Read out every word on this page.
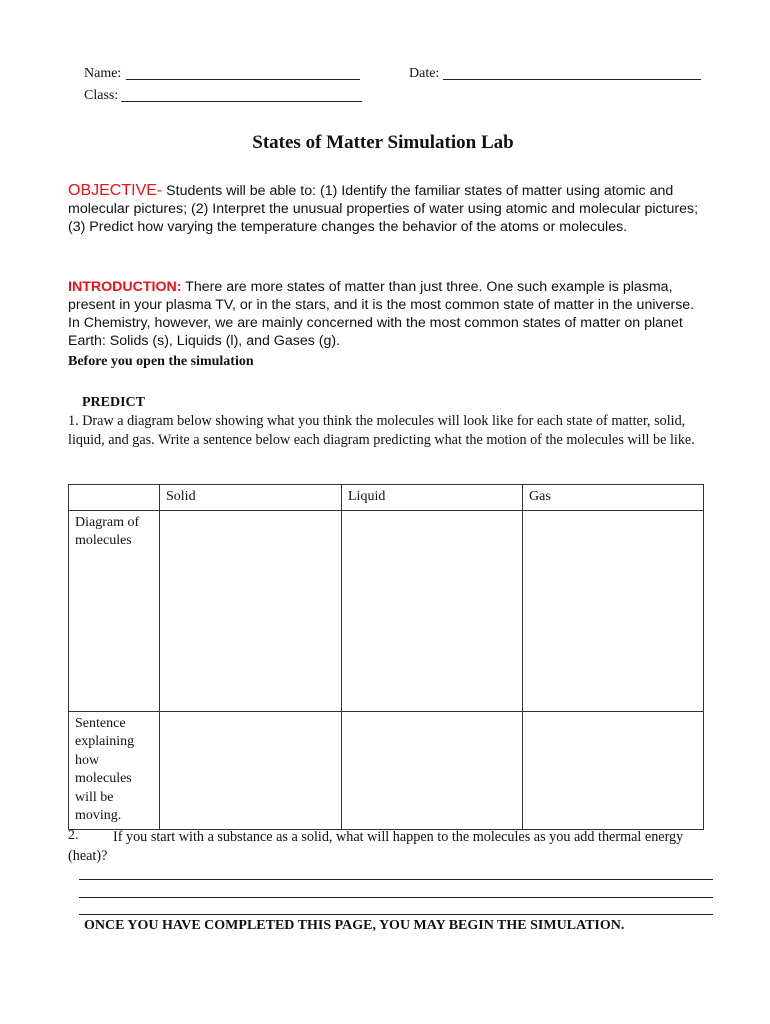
Name:	Date:
Class:
States of Matter Simulation Lab
OBJECTIVE- Students will be able to: (1) Identify the familiar states of matter using atomic and molecular pictures; (2) Interpret the unusual properties of water using atomic and molecular pictures; (3) Predict how varying the temperature changes the behavior of the atoms or molecules.
INTRODUCTION: There are more states of matter than just three. One such example is plasma, present in your plasma TV, or in the stars, and it is the most common state of matter in the universe. In Chemistry, however, we are mainly concerned with the most common states of matter on planet Earth: Solids (s), Liquids (l), and Gases (g).
Before you open the simulation
PREDICT
1. Draw a diagram below showing what you think the molecules will look like for each state of matter, solid, liquid, and gas. Write a sentence below each diagram predicting what the motion of the molecules will be like.
	Solid	Liquid	Gas
Diagram of molecules			
Sentence explaining how molecules will be moving.			
2.	If you start with a substance as a solid, what will happen to the molecules as you add thermal energy (heat)?
ONCE YOU HAVE COMPLETED THIS PAGE, YOU MAY BEGIN THE SIMULATION.
